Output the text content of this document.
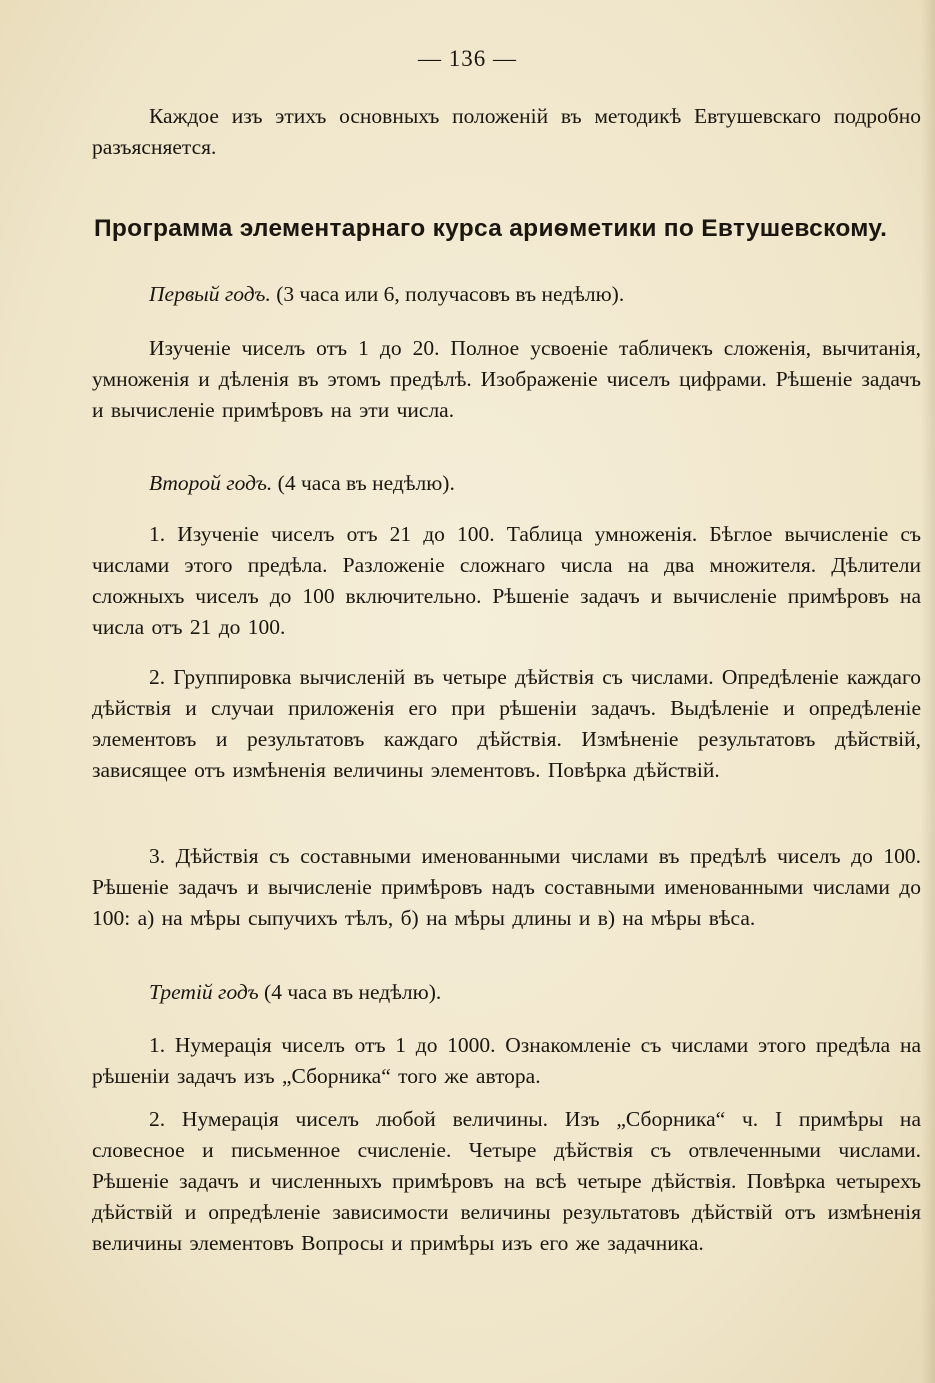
— 136 —

Каждое изъ этихъ основныхъ положенiй въ методикѣ Евтушевскаго подробно разъясняется.

Программа элементарнаго курса ариѳметики по Евтушевскому.
Первый годъ. (3 часа или 6, получасовъ въ недѣлю).

Изученiе чиселъ отъ 1 до 20. Полное усвоенiе табличекъ сложенiя, вычитанiя, умноженiя и дѣленiя въ этомъ предѣлѣ. Изображенiе чиселъ цифрами. Рѣшенiе задачъ и вычисленiе примѣровъ на эти числа.

Второй годъ. (4 часа въ недѣлю).

1. Изученiе чиселъ отъ 21 до 100. Таблица умноженiя. Бѣглое вычисленiе съ числами этого предѣла. Разложенiе сложнаго числа на два множителя. Дѣлители сложныхъ чиселъ до 100 включительно. Рѣшенiе задачъ и вычисленiе примѣровъ на числа отъ 21 до 100.

2. Группировка вычисленiй въ четыре дѣйствiя съ числами. Опредѣленiе каждаго дѣйствiя и случаи приложенiя его при рѣшенiи задачъ. Выдѣленiе и опредѣленiе элементовъ и результатовъ каждаго дѣйствiя. Измѣненiе результатовъ дѣйствiй, зависящее отъ измѣненiя величины элементовъ. Повѣрка дѣйствiй.

3. Дѣйствiя съ составными именованными числами въ предѣлѣ чиселъ до 100. Рѣшенiе задачъ и вычисленiе примѣровъ надъ составными именованными числами до 100: а) на мѣры сыпучихъ тѣлъ, б) на мѣры длины и в) на мѣры вѣса.

Третiй годъ (4 часа въ недѣлю).

1. Нумерацiя чиселъ отъ 1 до 1000. Ознакомленiе съ числами этого предѣла на рѣшенiи задачъ изъ „Сборника“ того же автора.

2. Нумерацiя чиселъ любой величины. Изъ „Сборника“ ч. I примѣры на словесное и письменное счисленiе. Четыре дѣйствiя съ отвлеченными числами. Рѣшенiе задачъ и численныхъ примѣровъ на всѣ четыре дѣйствiя. Повѣрка четырехъ дѣйствiй и опредѣленiе зависимости величины результатовъ дѣйствiй отъ измѣненiя величины элементовъ Вопросы и примѣры изъ его же задачника.
